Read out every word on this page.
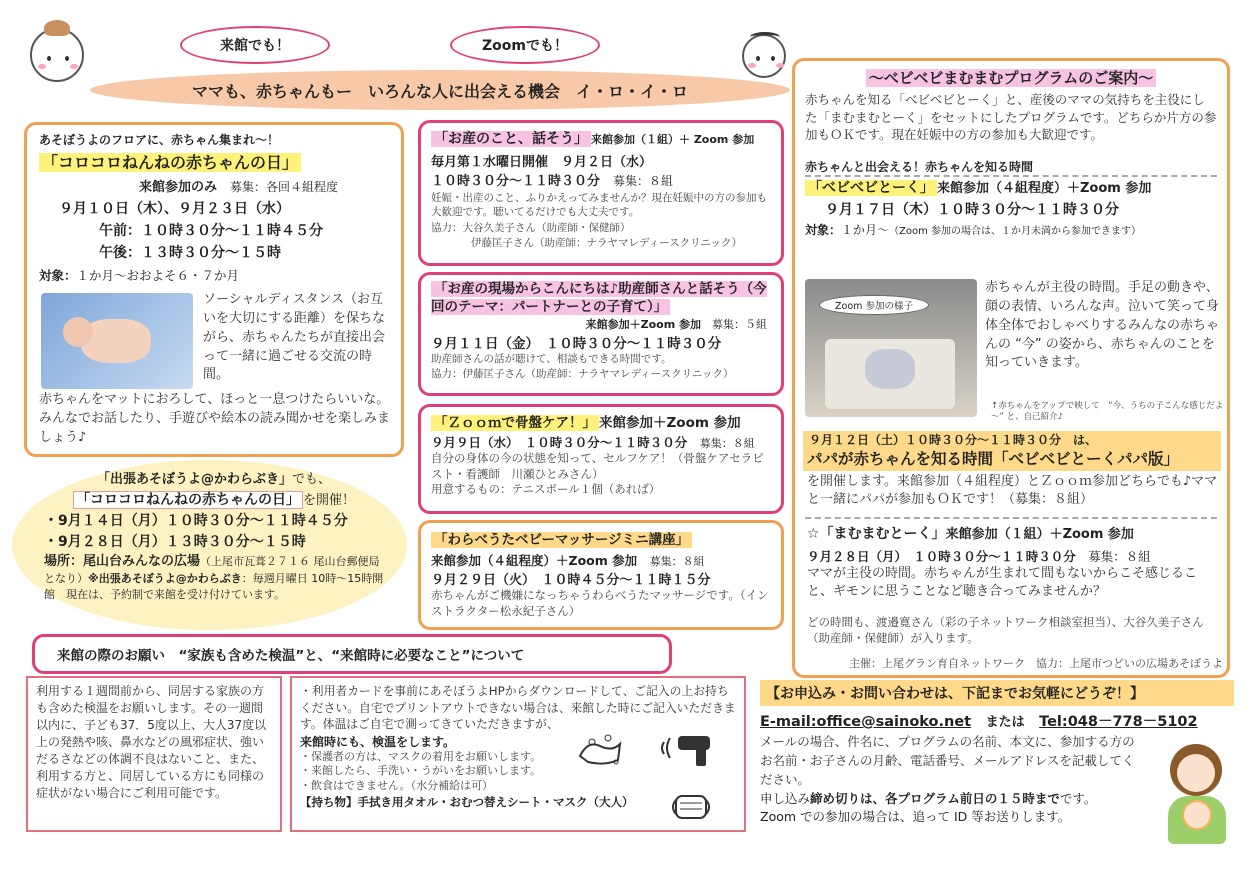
来館でも！	Zoomでも！
ママも、赤ちゃんもー　いろんな人に出会える機会　イ・ロ・イ・ロ
あそぼうよのフロアに、赤ちゃん集まれ～！
「コロコロねんねの赤ちゃんの日」
来館参加のみ　 募集：各回４組程度
９月１０日（木）、９月２３日（水）
午前：１０時３０分～１１時４５分
午後：１３時３０分～１５時
対象：１か月～おおよそ６・７か月
ソーシャルディスタンス（お互いを大切にする距離）を保ちながら、赤ちゃんたちが直接出会って一緒に過ごせる交流の時間。
赤ちゃんをマットにおろして、ほっと一息つけたらいいな。みんなでお話したり、手遊びや絵本の読み聞かせを楽しみましょう♪
「出張あそぼうよ@かわらぶき」でも、
「コロコロねんねの赤ちゃんの日」 を開催！
・9月１４日（月）１０時３０分～１１時４５分
・9月２８日（月）１３時３０分～１５時
場所：尾山台みんなの広場（上尾市瓦葺２７１６ 尾山台郵便局となり）※出張あそぼうよ@かわらぶき：毎週月曜日 10時～15時開館　現在は、予約制で来館を受け付けています。
「お産のこと、話そう」 来館参加（１組）＋ Zoom 参加
毎月第１水曜日開催　９月２日（水）
１０時３０分～１１時３０分　 募集：８組
妊娠・出産のこと、ふりかえってみませんか？現在妊娠中の方の参加も大歓迎です。聴いてるだけでも大丈夫です。
協力：大谷久美子さん（助産師・保健師）
伊藤匡子さん（助産師：ナラヤマレディースクリニック）
「お産の現場からこんにちは♪助産師さんと話そう（今回のテーマ：パートナーとの子育て）」
来館参加＋Zoom 参加　 募集：５組
９月１１日（金）　１０時３０分～１１時３０分
助産師さんの話が聴けて、相談もできる時間です。
協力：伊藤匡子さん（助産師：ナラヤマレディースクリニック）
「Ｚｏｏｍで骨盤ケア！」 来館参加＋Zoom 参加
９月９日（水）　１０時３０分～１１時３０分　 募集：８組
自分の身体の今の状態を知って、セルフケア！（骨盤ケアセラピスト・看護師　川瀬ひとみさん）
用意するもの：テニスボール１個（あれば）
「わらべうたベビーマッサージミニ講座」
来館参加（４組程度）＋Zoom 参加　 募集：８組
９月２９日（火）　１０時４５分～１１時１５分
赤ちゃんがご機嫌になっちゃうわらべうたマッサージです。（インストラクター松永紀子さん）
～べビベビまむまむプログラムのご案内～
赤ちゃんを知る「べビベビとーく」と、産後のママの気持ちを主役にした「まむまむとーく」をセットにしたプログラムです。どちらか片方の参加もＯＫです。現在妊娠中の方の参加も大歓迎です。
赤ちゃんと出会える！赤ちゃんを知る時間
「べビべビとーく」 来館参加（４組程度）＋Zoom 参加
９月１７日（木）１０時３０分～１１時３０分
対象：１か月～（Zoom 参加の場合は、１か月未満から参加できます）
Zoom 参加の様子
赤ちゃんが主役の時間。手足の動きや、顔の表情、いろんな声。泣いて笑って身体全体でおしゃべりするみんなの赤ちゃんの “今” の姿から、赤ちゃんのことを知っていきます。
↑赤ちゃんをアップで映して　“今、うちの子こんな感じだよ～” と、自己紹介♪
９月１２日（土）１０時３０分～１１時３０分　は、
パパが赤ちゃんを知る時間「べビべビとーくパパ版」
を開催します。来館参加（４組程度）とＺｏｏｍ参加どちらでも♪ママと一緒にパパが参加もＯＫです！（募集：８組）
☆「まむまむとーく」来館参加（１組）＋Zoom 参加
９月２８日（月）　１０時３０分～１１時３０分　 募集：８組
ママが主役の時間。赤ちゃんが生まれて間もないからこそ感じること、ギモンに思うことなど聴き合ってみませんか？
どの時間も、渡邉寛さん（彩の子ネットワーク相談室担当）、大谷久美子さん（助産師・保健師）が入ります。
主催：上尾グラン育自ネットワーク　協力：上尾市つどいの広場あそぼうよ
来館の際のお願い　“家族も含めた検温”と、“来館時に必要なこと”について
利用する１週間前から、同居する家族の方も含めた検温をお願いします。その一週間以内に、子ども37．5度以上、大人37度以上の発熱や咳、鼻水などの風邪症状、強いだるさなどの体調不良はないこと、また、利用する方と、同居している方にも同様の症状がない場合にご利用可能です。
・利用者カードを事前にあそぼうよHPからダウンロードして、ご記入の上お持ちください。自宅でプリントアウトできない場合は、来館した時にご記入いただきます。体温はご自宅で測ってきていただきますが、
来館時にも、検温をします。
・保護者の方は、マスクの着用をお願いします。
・来館したら、手洗い・うがいをお願いします。
・飲食はできません。（水分補給は可）
【持ち物】手拭き用タオル・おむつ替えシート・マスク（大人）
【お申込み・お問い合わせは、下記までお気軽にどうぞ！】
E-mail:office@sainoko.net　 または　 Tel:048－778－5102
メールの場合、件名に、プログラムの名前、本文に、参加する方のお名前・お子さんの月齢、電話番号、メールアドレスを記載してください。
申し込み締め切りは、各プログラム前日の１５時までです。
Zoom での参加の場合は、追って ID 等お送りします。
